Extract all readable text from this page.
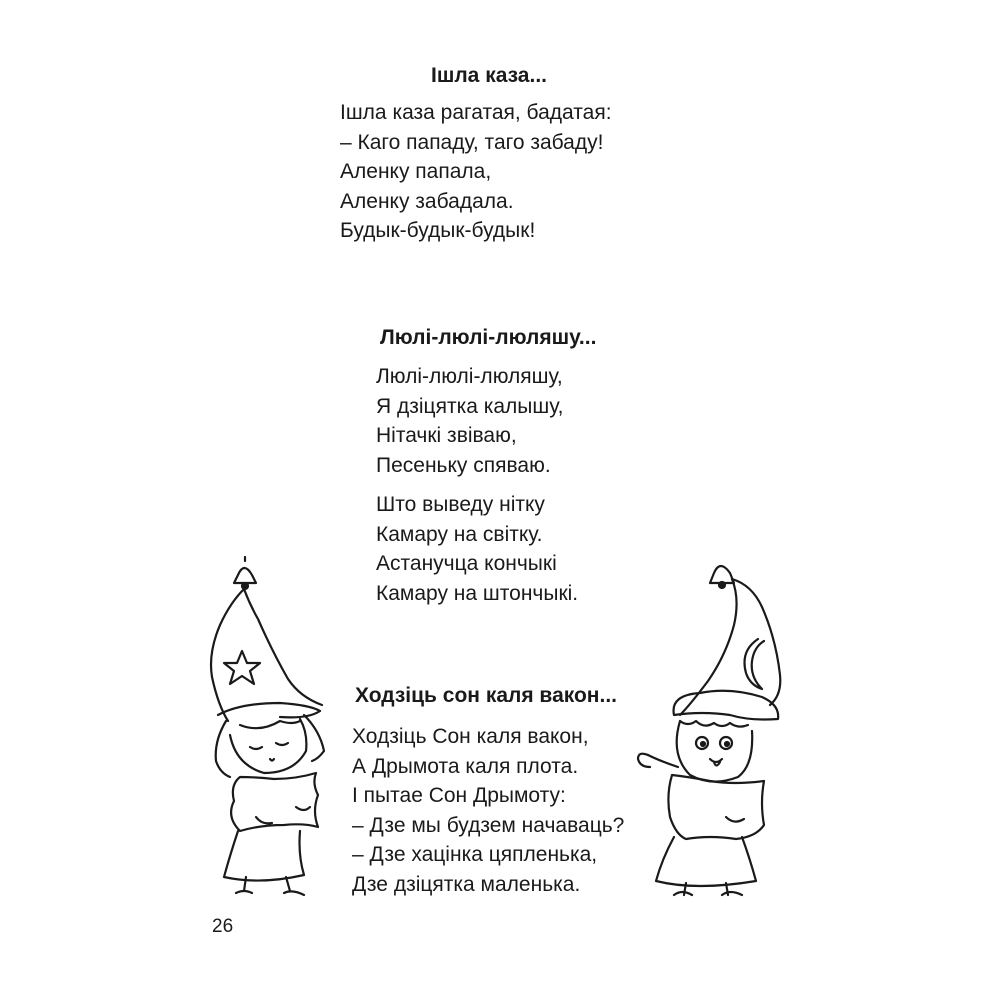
Ішла каза...
Ішла каза рагатая, бадатая:
– Каго пападу, таго забаду!
Аленку папала,
Аленку забадала.
Будык-будык-будык!
Люлі-люлі-люляшу...
Люлі-люлі-люляшу,
Я дзіцятка калышу,
Нітачкі звіваю,
Песеньку спяваю.
Што выведу нітку
Камару на світку.
Астанучца кончыкі
Камару на штончыкі.
Ходзіць сон каля вакон...
Ходзіць Сон каля вакон,
А Дрымота каля плота.
І пытае Сон Дрымоту:
– Дзе мы будзем начаваць?
– Дзе хацінка цяпленька,
Дзе дзіцятка маленька.
26
